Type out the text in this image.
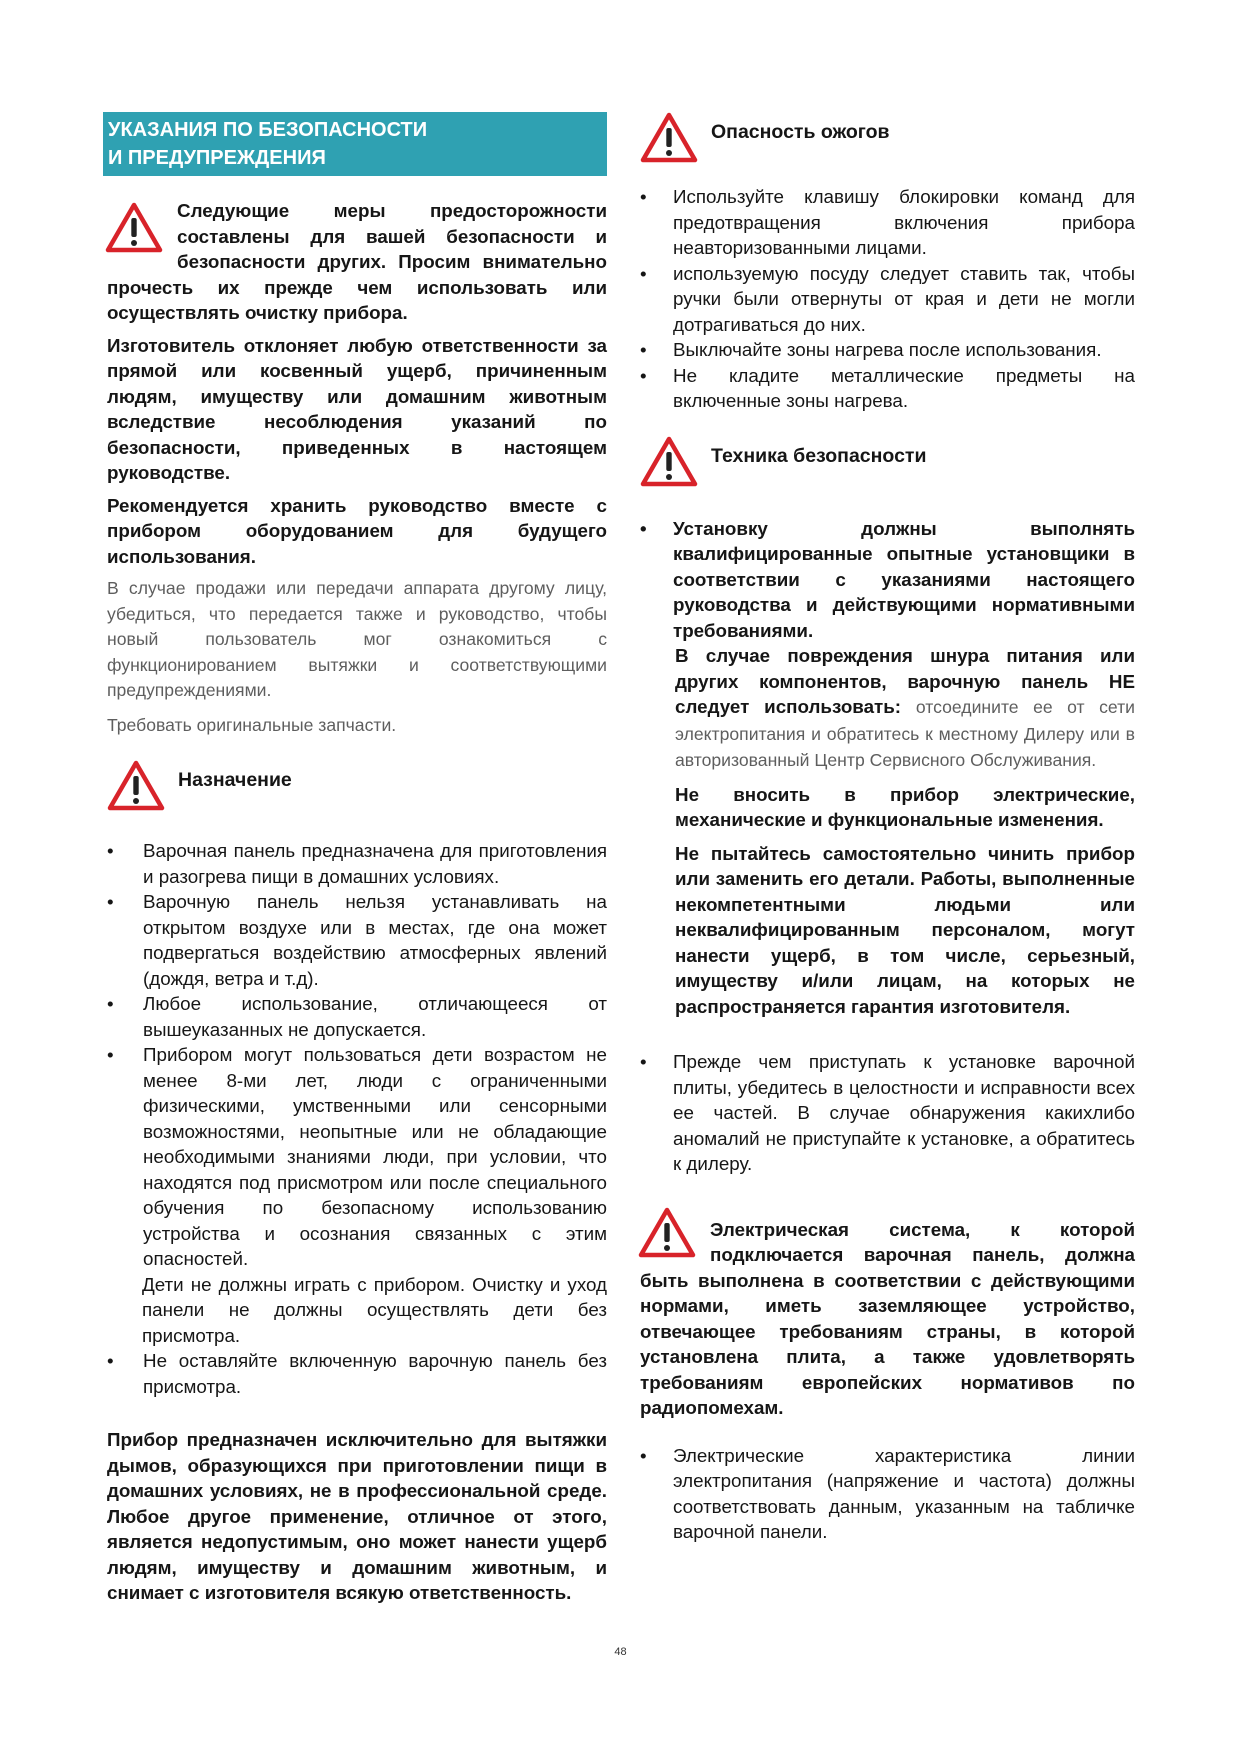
УКАЗАНИЯ ПО БЕЗОПАСНОСТИ
И ПРЕДУПРЕЖДЕНИЯ

Следующие меры предосторожности составлены для вашей безопасности и безопасности других. Просим внимательно прочесть их прежде чем использовать или осуществлять очистку прибора.

Изготовитель отклоняет любую ответственности за прямой или косвенный ущерб, причиненным людям, имуществу или домашним животным вследствие несоблюдения указаний по безопасности, приведенных в настоящем руководстве.

Рекомендуется хранить руководство вместе с прибором оборудованием для будущего использования.

В случае продажи или передачи аппарата другому лицу, убедиться, что передается также и руководство, чтобы новый пользователь мог ознакомиться с функционированием вытяжки и соответствующими предупреждениями.

Требовать оригинальные запчасти.

Назначение
• Варочная панель предназначена для приготовления и разогрева пищи в домашних условиях.
• Варочную панель нельзя устанавливать на открытом воздухе или в местах, где она может подвергаться воздействию атмосферных явлений (дождя, ветра и т.д).
• Любое использование, отличающееся от вышеуказанных не допускается.
• Прибором могут пользоваться дети возрастом не менее 8-ми лет, люди с ограниченными физическими, умственными или сенсорными возможностями, неопытные или не обладающие необходимыми знаниями люди, при условии, что находятся под присмотром или после специального обучения по безопасному использованию устройства и осознания связанных с этим опасностей.

Дети не должны играть с прибором. Очистку и уход панели не должны осуществлять дети без присмотра.

• Не оставляйте включенную варочную панель без присмотра.

Прибор предназначен исключительно для вытяжки дымов, образующихся при приготовлении пищи в домашних условиях, не в профессиональной среде. Любое другое применение, отличное от этого, является недопустимым, оно может нанести ущерб людям, имуществу и домашним животным, и снимает с изготовителя всякую ответственность.

Опасность ожогов
• Используйте клавишу блокировки команд для предотвращения включения прибора неавторизованными лицами.
• используемую посуду следует ставить так, чтобы ручки были отвернуты от края и дети не могли дотрагиваться до них.
• Выключайте зоны нагрева после использования.
• Не кладите металлические предметы на включенные зоны нагрева.
Техника безопасности
• Установку должны выполнять квалифицированные опытные установщики в соответствии с указаниями настоящего руководства и действующими нормативными требованиями.

В случае повреждения шнура питания или других компонентов, варочную панель НЕ следует использовать: отсоедините ее от сети электропитания и обратитесь к местному Дилеру или в авторизованный Центр Сервисного Обслуживания.

Не вносить в прибор электрические, механические и функциональные изменения.

Не пытайтесь самостоятельно чинить прибор или заменить его детали. Работы, выполненные некомпетентными людьми или неквалифицированным персоналом, могут нанести ущерб, в том числе, серьезный, имуществу и/или лицам, на которых не распространяется гарантия изготовителя.

• Прежде чем приступать к установке варочной плиты, убедитесь в целостности и исправности всех ее частей. В случае обнаружения какихлибо аномалий не приступайте к установке, а обратитесь к дилеру.

Электрическая система, к которой подключается варочная панель, должна быть выполнена в соответствии с действующими нормами, иметь заземляющее устройство, отвечающее требованиям страны, в которой установлена плита, а также удовлетворять требованиям европейских нормативов по радиопомехам.

• Электрические характеристика линии электропитания (напряжение и частота) должны соответствовать данным, указанным на табличке варочной панели.
48
